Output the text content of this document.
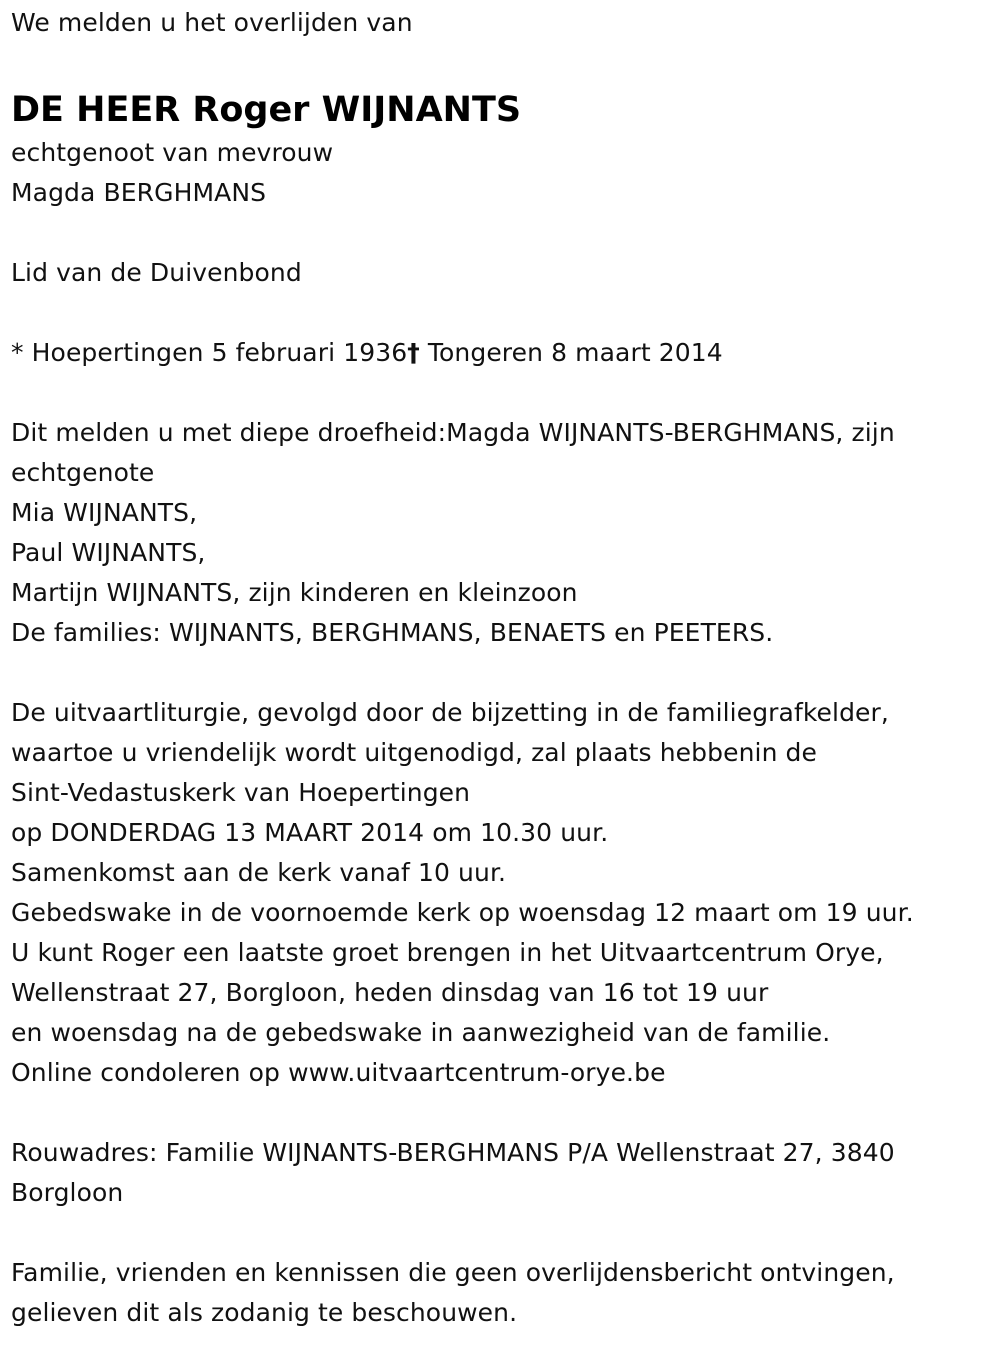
We melden u het overlijden van
DE HEER Roger WIJNANTS
echtgenoot van mevrouw
Magda BERGHMANS
Lid van de Duivenbond
* Hoepertingen 5 februari 1936† Tongeren 8 maart 2014
Dit melden u met diepe droefheid:Magda WIJNANTS-BERGHMANS, zijn
echtgenote
Mia WIJNANTS,
Paul WIJNANTS,
Martijn WIJNANTS, zijn kinderen en kleinzoon
De families: WIJNANTS, BERGHMANS, BENAETS en PEETERS.
De uitvaartliturgie, gevolgd door de bijzetting in de familiegrafkelder,
waartoe u vriendelijk wordt uitgenodigd, zal plaats hebbenin de
Sint-Vedastuskerk van Hoepertingen
op DONDERDAG 13 MAART 2014 om 10.30 uur.
Samenkomst aan de kerk vanaf 10 uur.
Gebedswake in de voornoemde kerk op woensdag 12 maart om 19 uur.
U kunt Roger een laatste groet brengen in het Uitvaartcentrum Orye,
Wellenstraat 27, Borgloon, heden dinsdag van 16 tot 19 uur
en woensdag na de gebedswake in aanwezigheid van de familie.
Online condoleren op www.uitvaartcentrum-orye.be
Rouwadres: Familie WIJNANTS-BERGHMANS P/A Wellenstraat 27, 3840
Borgloon
Familie, vrienden en kennissen die geen overlijdensbericht ontvingen,
gelieven dit als zodanig te beschouwen.
